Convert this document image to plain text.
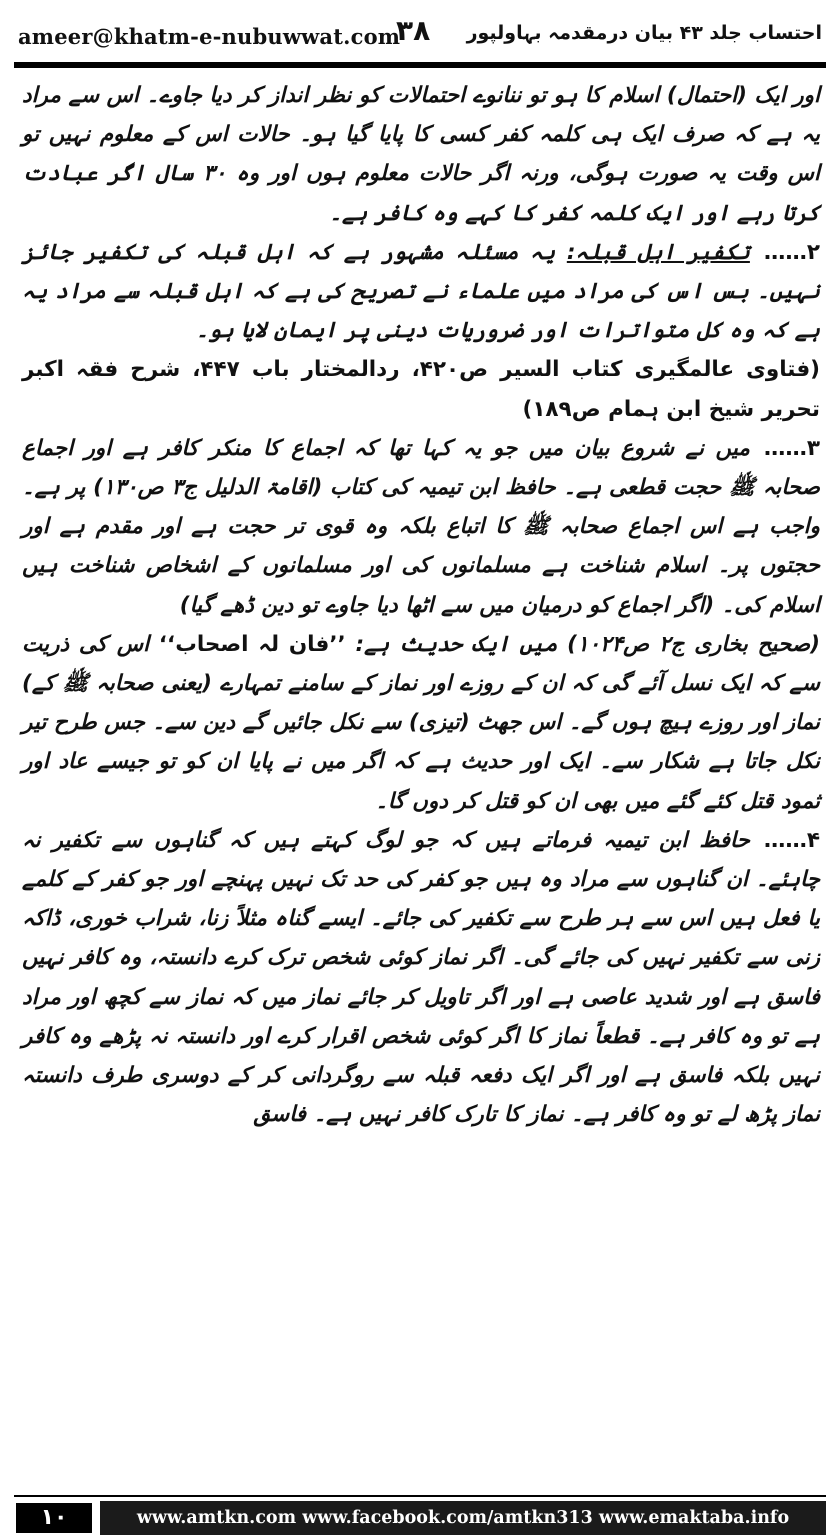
ameer@khatm-e-nubuwwat.com
۳۸ احتساب جلد ۴۳ بیان درمقدمہ بہاولپور

اور ایک (احتمال) اسلام کا ہو تو ننانوے احتمالات کو نظر انداز کر دیا جاوے۔ اس سے مراد یہ ہے کہ صرف ایک ہی کلمہ کفر کسی کا پایا گیا ہو۔ حالات اس کے معلوم نہیں تو اس وقت یہ صورت ہوگی، ورنہ اگر حالات معلوم ہوں اور وہ ۳۰ سال اگر عبادت کرتا رہے اور ایک کلمہ کفر کا کہے وہ کافر ہے۔

۲……تکفیر اہل قبلہ: یہ مسئلہ مشہور ہے کہ اہل قبلہ کی تکفیر جائز نہیں۔ بس اس کی مراد میں علماء نے تصریح کی ہے کہ اہل قبلہ سے مراد یہ ہے کہ وہ کل متواترات اور ضروریات دینی پر ایمان لایا ہو۔

(فتاوی عالمگیری کتاب السیر ص۴۲۰، ردالمختار باب ۴۴۷، شرح فقہ اکبر تحریر شیخ ابن ہمام ص۱۸۹)

۳……میں نے شروع بیان میں جو یہ کہا تھا کہ اجماع کا منکر کافر ہے اور اجماع صحابہ ﷺ حجت قطعی ہے۔ حافظ ابن تیمیہ کی کتاب (اقامۃ الدلیل ج۳ ص۱۳۰) پر ہے۔ واجب ہے اس اجماع صحابہ ﷺ کا اتباع بلکہ وہ قوی تر حجت ہے اور مقدم ہے اور حجتوں پر۔ اسلام شناخت ہے مسلمانوں کی اور مسلمانوں کے اشخاص شناخت ہیں اسلام کی۔ (اگر اجماع کو درمیان میں سے اٹھا دیا جاوے تو دین ڈھے گیا)

(صحیح بخاری ج۲ ص۱۰۲۴) میں ایک حدیث ہے: ’’فان لہ اصحاب‘‘ اس کی ذریت سے کہ ایک نسل آئے گی کہ ان کے روزے اور نماز کے سامنے تمہارے (یعنی صحابہ ﷺ کے) نماز اور روزے ہیچ ہوں گے۔ اس جھٹ (تیزی) سے نکل جائیں گے دین سے۔ جس طرح تیر نکل جاتا ہے شکار سے۔ ایک اور حدیث ہے کہ اگر میں نے پایا ان کو تو جیسے عاد اور ثمود قتل کئے گئے میں بھی ان کو قتل کر دوں گا۔

۴……حافظ ابن تیمیہ فرماتے ہیں کہ جو لوگ کہتے ہیں کہ گناہوں سے تکفیر نہ چاہئے۔ ان گناہوں سے مراد وہ ہیں جو کفر کی حد تک نہیں پہنچے اور جو کفر کے کلمے یا فعل ہیں اس سے ہر طرح سے تکفیر کی جائے۔ ایسے گناہ مثلاً زنا، شراب خوری، ڈاکہ زنی سے تکفیر نہیں کی جائے گی۔ اگر نماز کوئی شخص ترک کرے دانستہ، وہ کافر نہیں فاسق ہے اور شدید عاصی ہے اور اگر تاویل کر جائے نماز میں کہ نماز سے کچھ اور مراد ہے تو وہ کافر ہے۔ قطعاً نماز کا اگر کوئی شخص اقرار کرے اور دانستہ نہ پڑھے وہ کافر نہیں بلکہ فاسق ہے اور اگر ایک دفعہ قبلہ سے روگردانی کر کے دوسری طرف دانستہ نماز پڑھ لے تو وہ کافر ہے۔ نماز کا تارک کافر نہیں ہے۔ فاسق

۱۰	www.amtkn.com www.facebook.com/amtkn313 www.emaktaba.info
